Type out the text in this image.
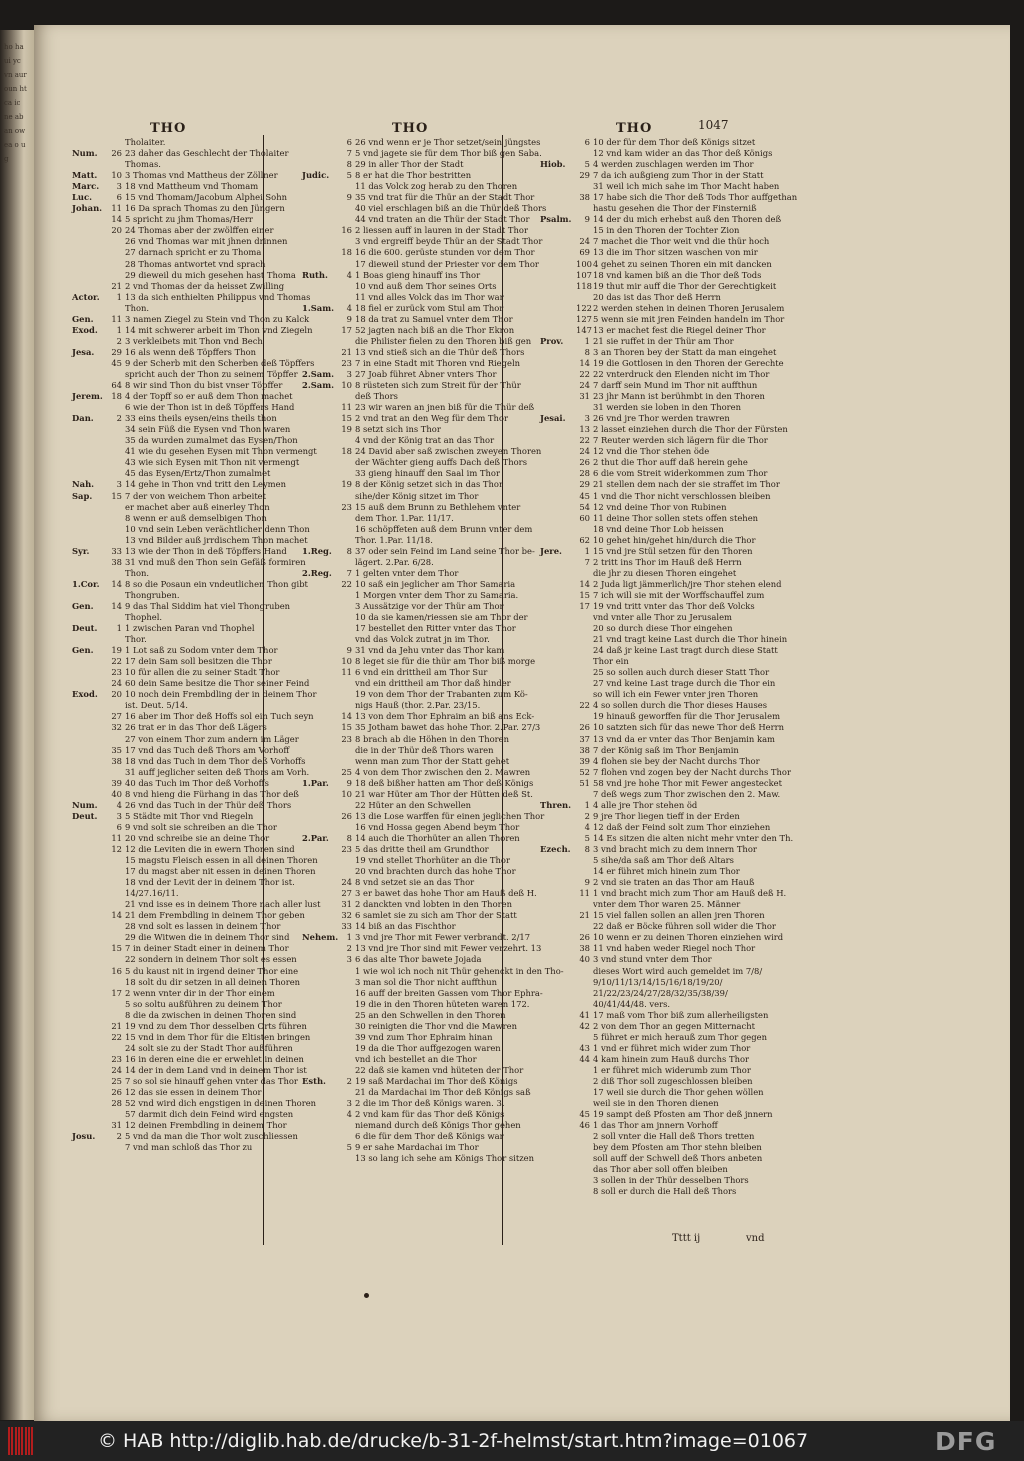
ho ha ui yc vn aur oun ht ca ic ne ab an ow ea o u g
THO	THO	THO	1047
Tholaiter.
Num.	26 23 daher das Geschlecht der Tholaiter
Thomas.
Matt.	10 3 Thomas vnd Mattheus der Zöllner
Marc.	3 18 vnd Mattheum vnd Thomam
Luc.	6 15 vnd Thomam/Jacobum Alphei Sohn
Johan.	11 16 Da sprach Thomas zu den Jüngern
14 5 spricht zu jhm Thomas/Herr
20 24 Thomas aber der zwölffen einer
26 vnd Thomas war mit jhnen drinnen
27 darnach spricht er zu Thoma
28 Thomas antwortet vnd sprach
29 dieweil du mich gesehen hast Thoma
21 2 vnd Thomas der da heisset Zwilling
Actor.	1 13 da sich enthielten Philippus vnd Thomas
Thon.
Gen.	11 3 namen Ziegel zu Stein vnd Thon zu Kalck
Exod.	1 14 mit schwerer arbeit im Thon vnd Ziegeln
2 3 verkleibets mit Thon vnd Bech
Jesa.	29 16 als wenn deß Töpffers Thon
45 9 der Scherb mit den Scherben deß Töpffers
spricht auch der Thon zu seinem Töpffer
64 8 wir sind Thon du bist vnser Töpffer
Jerem.	18 4 der Topff so er auß dem Thon machet
6 wie der Thon ist in deß Töpffers Hand
Dan.	2 33 eins theils eysen/eins theils thon
34 sein Füß die Eysen vnd Thon waren
35 da wurden zumalmet das Eysen/Thon
41 wie du gesehen Eysen mit Thon vermengt
43 wie sich Eysen mit Thon nit vermengt
45 das Eysen/Ertz/Thon zumalmet
Nah.	3 14 gehe in Thon vnd tritt den Leymen
Sap.	15 7 der von weichem Thon arbeitet
er machet aber auß einerley Thon
8 wenn er auß demselbigen Thon
10 vnd sein Leben verächtlicher denn Thon
13 vnd Bilder auß jrrdischem Thon machet
Syr.	33 13 wie der Thon in deß Töpffers Hand
38 31 vnd muß den Thon sein Gefäß formiren
Thon.
1.Cor.	14 8 so die Posaun ein vndeutlichen Thon gibt
Thongruben.
Gen.	14 9 das Thal Siddim hat viel Thongruben
Thophel.
Deut.	1 1 zwischen Paran vnd Thophel
Thor.
Gen.	19 1 Lot saß zu Sodom vnter dem Thor
22 17 dein Sam soll besitzen die Thor
23 10 für allen die zu seiner Stadt Thor
24 60 dein Same besitze die Thor seiner Feind
Exod.	20 10 noch dein Frembdling der in deinem Thor
ist. Deut. 5/14.
27 16 aber im Thor deß Hoffs sol ein Tuch seyn
32 26 trat er in das Thor deß Lägers
27 von einem Thor zum andern im Läger
35 17 vnd das Tuch deß Thors am Vorhoff
38 18 vnd das Tuch in dem Thor deß Vorhoffs
31 auff jeglicher seiten deß Thors am Vorh.
39 40 das Tuch im Thor deß Vorhoffs
40 8 vnd hieng die Fürhang in das Thor deß
Num.	4 26 vnd das Tuch in der Thür deß Thors
Deut.	3 5 Städte mit Thor vnd Riegeln
6 9 vnd solt sie schreiben an die Thor
11 20 vnd schreibe sie an deine Thor
12 12 die Leviten die in ewern Thoren sind
15 magstu Fleisch essen in all deinen Thoren
17 du magst aber nit essen in deinen Thoren
18 vnd der Levit der in deinem Thor ist.
14/27.16/11.
21 vnd isse es in deinem Thore nach aller lust
14 21 dem Frembdling in deinem Thor geben
28 vnd solt es lassen in deinem Thor
29 die Witwen die in deinem Thor sind
15 7 in deiner Stadt einer in deinem Thor
22 sondern in deinem Thor solt es essen
16 5 du kaust nit in irgend deiner Thor eine
18 solt du dir setzen in all deinen Thoren
17 2 wenn vnter dir in der Thor einem
5 so soltu außführen zu deinem Thor
8 die da zwischen in deinen Thoren sind
21 19 vnd zu dem Thor desselben Orts führen
22 15 vnd in dem Thor für die Eltisten bringen
24 solt sie zu der Stadt Thor außführen
23 16 in deren eine die er erwehlet in deinen
24 14 der in dem Land vnd in deinem Thor ist
25 7 so sol sie hinauff gehen vnter das Thor
26 12 das sie essen in deinem Thor
28 52 vnd wird dich engstigen in deinen Thoren
57 darmit dich dein Feind wird engsten
31 12 deinen Frembdling in deinem Thor
Josu.	2 5 vnd da man die Thor wolt zuschliessen
7 vnd man schloß das Thor zu
6 26 vnd wenn er je Thor setzet/sein jüngstes
7 5 vnd jagete sie für dem Thor biß gen Saba.
8 29 in aller Thor der Stadt
Judic.	5 8 er hat die Thor bestritten
11 das Volck zog herab zu den Thoren
9 35 vnd trat für die Thür an der Stadt Thor
40 viel erschlagen biß an die Thür deß Thors
44 vnd traten an die Thür der Stadt Thor
16 2 liessen auff in lauren in der Stadt Thor
3 vnd ergreiff beyde Thür an der Stadt Thor
18 16 die 600. gerüste stunden vor dem Thor
17 dieweil stund der Priester vor dem Thor
Ruth.	4 1 Boas gieng hinauff ins Thor
10 vnd auß dem Thor seines Orts
11 vnd alles Volck das im Thor war
1.Sam.	4 18 fiel er zurück vom Stul am Thor
9 18 da trat zu Samuel vnter dem Thor
17 52 jagten nach biß an die Thor Ekron
die Philister fielen zu den Thoren biß gen
21 13 vnd stieß sich an die Thür deß Thors
23 7 in eine Stadt mit Thoren vnd Riegeln
2.Sam.	3 27 Joab führet Abner vnters Thor
2.Sam. 10 8 rüsteten sich zum Streit für der Thür
deß Thors
11 23 wir waren an jnen biß für die Thür deß
15 2 vnd trat an den Weg für dem Thor
19 8 setzt sich ins Thor
4 vnd der König trat an das Thor
18 24 David aber saß zwischen zweyen Thoren
der Wächter gieng auffs Dach deß Thors
33 gieng hinauff den Saal im Thor
19 8 der König setzet sich in das Thor
sihe/der König sitzet im Thor
23 15 auß dem Brunn zu Bethlehem vnter
dem Thor. 1.Par. 11/17.
16 schöpffeten auß dem Brunn vnter dem
Thor. 1.Par. 11/18.
1.Reg.	8 37 oder sein Feind im Land seine Thor be-
lägert. 2.Par. 6/28.
2.Reg.	7 1 gelten vnter dem Thor
22 10 saß ein jeglicher am Thor Samaria
1 Morgen vnter dem Thor zu Samaria.
3 Aussätzige vor der Thür am Thor
10 da sie kamen/riessen sie am Thor der
17 bestellet den Ritter vnter das Thor
vnd das Volck zutrat jn im Thor.
9 31 vnd da Jehu vnter das Thor kam
10 8 leget sie für die thür am Thor biß morge
11 6 vnd ein drittheil am Thor Sur
vnd ein drittheil am Thor daß hinder
19 von dem Thor der Trabanten zum Kö-
nigs Hauß (thor. 2.Par. 23/15.
14 13 von dem Thor Ephraim an biß ans Eck-
15 35 Jotham bawet das hohe Thor. 2.Par. 27/3
23 8 brach ab die Höhen in den Thoren
die in der Thür deß Thors waren
wenn man zum Thor der Statt gehet
25 4 von dem Thor zwischen den 2. Mawren
1.Par.	9 18 deß bißher hatten am Thor deß Königs
10 21 war Hüter am Thor der Hütten deß St.
22 Hüter an den Schwellen
26 13 die Lose warffen für einen jeglichen Thor
16 vnd Hossa gegen Abend beym Thor
2.Par.	8 14 auch die Thorhüter an allen Thoren
23 5 das dritte theil am Grundthor
19 vnd stellet Thorhüter an die Thor
20 vnd brachten durch das hohe Thor
24 8 vnd setzet sie an das Thor
27 3 er bawet das hohe Thor am Hauß deß H.
31 2 danckten vnd lobten in den Thoren
32 6 samlet sie zu sich am Thor der Statt
33 14 biß an das Fischthor
Nehem.	1 3 vnd jre Thor mit Fewer verbrandt. 2/17
2 13 vnd jre Thor sind mit Fewer verzehrt. 13
3 6 das alte Thor bawete Jojada
1 wie wol ich noch nit Thür gehenckt in den Tho-
3 man sol die Thor nicht auffthun
16 auff der breiten Gassen vom Thor Ephra-
19 die in den Thoren hüteten waren 172.
25 an den Schwellen in den Thoren
30 reinigten die Thor vnd die Mawren
39 vnd zum Thor Ephraim hinan
19 da die Thor auffgezogen waren
vnd ich bestellet an die Thor
22 daß sie kamen vnd hüteten der Thor
Esth.	2 19 saß Mardachai im Thor deß Königs
21 da Mardachai im Thor deß Königs saß
3 2 die im Thor deß Königs waren. 3.
4 2 vnd kam für das Thor deß Königs
niemand durch deß Königs Thor gehen
6 die für dem Thor deß Königs war
5 9 er sahe Mardachai im Thor
13 so lang ich sehe am Königs Thor sitzen
6 10 der für dem Thor deß Königs sitzet
12 vnd kam wider an das Thor deß Königs
Hiob.	5 4 werden zuschlagen werden im Thor
29 7 da ich außgieng zum Thor in der Statt
31 weil ich mich sahe im Thor Macht haben
38 17 habe sich die Thor deß Tods Thor auffgethan
hastu gesehen die Thor der Finsterniß
Psalm.	9 14 der du mich erhebst auß den Thoren deß
15 in den Thoren der Tochter Zion
24 7 machet die Thor weit vnd die thür hoch
69 13 die im Thor sitzen waschen von mir
100 4 gehet zu seinen Thoren ein mit dancken
107 18 vnd kamen biß an die Thor deß Tods
118 19 thut mir auff die Thor der Gerechtigkeit
20 das ist das Thor deß Herrn
122 2 werden stehen in deinen Thoren Jerusalem
127 5 wenn sie mit jren Feinden handeln im Thor
147 13 er machet fest die Riegel deiner Thor
Prov.	1 21 sie ruffet in der Thür am Thor
8 3 an Thoren bey der Statt da man eingehet
14 19 die Gottlosen in den Thoren der Gerechte
22 22 vnterdruck den Elenden nicht im Thor
24 7 darff sein Mund im Thor nit auffthun
31 23 jhr Mann ist berühmbt in den Thoren
31 werden sie loben in den Thoren
Jesai.	3 26 vnd jre Thor werden trawren
13 2 lasset einziehen durch die Thor der Fürsten
22 7 Reuter werden sich lägern für die Thor
24 12 vnd die Thor stehen öde
26 2 thut die Thor auff daß herein gehe
28 6 die vom Streit widerkommen zum Thor
29 21 stellen dem nach der sie straffet im Thor
45 1 vnd die Thor nicht verschlossen bleiben
54 12 vnd deine Thor von Rubinen
60 11 deine Thor sollen stets offen stehen
18 vnd deine Thor Lob heissen
62 10 gehet hin/gehet hin/durch die Thor
Jere.	1 15 vnd jre Stül setzen für den Thoren
7 2 tritt ins Thor im Hauß deß Herrn
die jhr zu diesen Thoren eingehet
14 2 Juda ligt jämmerlich/jre Thor stehen elend
15 7 ich will sie mit der Worffschauffel zum
17 19 vnd tritt vnter das Thor deß Volcks
vnd vnter alle Thor zu Jerusalem
20 so durch diese Thor eingehen
21 vnd tragt keine Last durch die Thor hinein
24 daß jr keine Last tragt durch diese Statt
Thor ein
25 so sollen auch durch dieser Statt Thor
27 vnd keine Last trage durch die Thor ein
so will ich ein Fewer vnter jren Thoren
22 4 so sollen durch die Thor dieses Hauses
19 hinauß geworffen für die Thor Jerusalem
26 10 satzten sich für das newe Thor deß Herrn
37 13 vnd da er vnter das Thor Benjamin kam
38 7 der König saß im Thor Benjamin
39 4 flohen sie bey der Nacht durchs Thor
52 7 flohen vnd zogen bey der Nacht durchs Thor
51 58 vnd jre hohe Thor mit Fewer angestecket
7 deß wegs zum Thor zwischen den 2. Maw.
Thren.	1 4 alle jre Thor stehen öd
2 9 jre Thor liegen tieff in der Erden
4 12 daß der Feind solt zum Thor einziehen
5 14 Es sitzen die alten nicht mehr vnter den Th.
Ezech.	8 3 vnd bracht mich zu dem innern Thor
5 sihe/da saß am Thor deß Altars
14 er führet mich hinein zum Thor
9 2 vnd sie traten an das Thor am Hauß
11 1 vnd bracht mich zum Thor am Hauß deß H.
vnter dem Thor waren 25. Männer
21 15 viel fallen sollen an allen jren Thoren
22 daß er Böcke führen soll wider die Thor
26 10 wenn er zu deinen Thoren einziehen wird
38 11 vnd haben weder Riegel noch Thor
40 3 vnd stund vnter dem Thor
dieses Wort wird auch gemeldet im 7/8/
9/10/11/13/14/15/16/18/19/20/
21/22/23/24/27/28/32/35/38/39/
40/41/44/48. vers.
41 17 maß vom Thor biß zum allerheiligsten
42 2 von dem Thor an gegen Mitternacht
5 führet er mich herauß zum Thor gegen
43 1 vnd er führet mich wider zum Thor
44 4 kam hinein zum Hauß durchs Thor
1 er führet mich widerumb zum Thor
2 diß Thor soll zugeschlossen bleiben
17 weil sie durch die Thor gehen wöllen
weil sie in den Thoren dienen
45 19 sampt deß Pfosten am Thor deß jnnern
46 1 das Thor am jnnern Vorhoff
2 soll vnter die Hall deß Thors tretten
bey dem Pfosten am Thor stehn bleiben
soll auff der Schwell deß Thors anbeten
das Thor aber soll offen bleiben
3 sollen in der Thür desselben Thors
8 soll er durch die Hall deß Thors
Tttt ij	vnd
© HAB http://diglib.hab.de/drucke/b-31-2f-helmst/start.htm?image=01067	DFG
